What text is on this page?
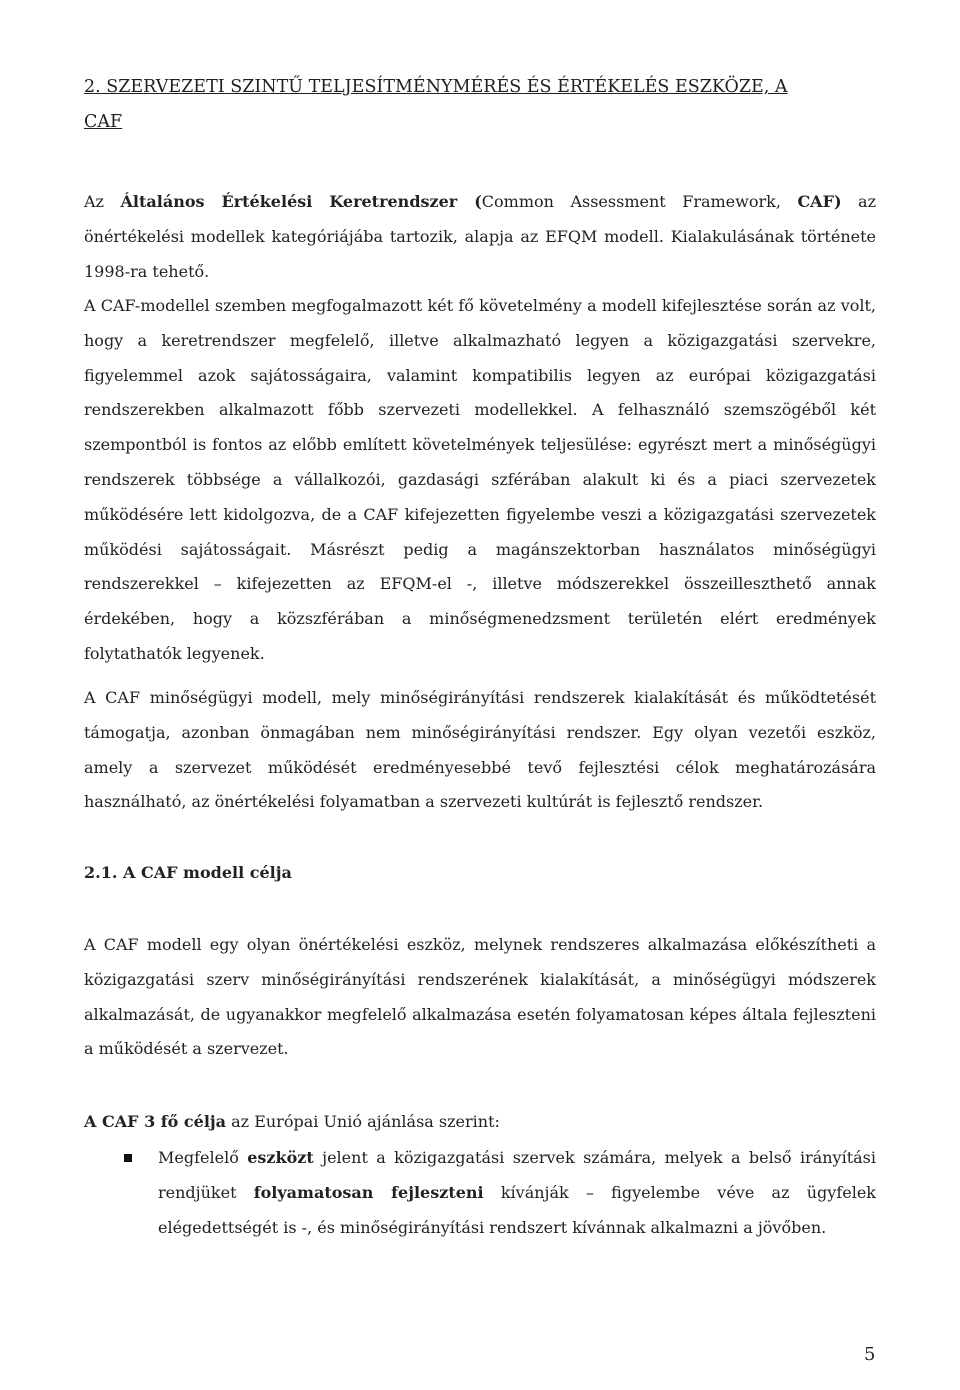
2. SZERVEZETI SZINTŰ TELJESÍTMÉNYMÉRÉS ÉS ÉRTÉKELÉS ESZKÖZE, A
CAF

Az Általános Értékelési Keretrendszer (Common Assessment Framework, CAF) az önértékelési modellek kategóriájába tartozik, alapja az EFQM modell. Kialakulásának története 1998-ra tehető.

A CAF-modellel szemben megfogalmazott két fő követelmény a modell kifejlesztése során az volt, hogy a keretrendszer megfelelő, illetve alkalmazható legyen a közigazgatási szervekre, figyelemmel azok sajátosságaira, valamint kompatibilis legyen az európai közigazgatási rendszerekben alkalmazott főbb szervezeti modellekkel. A felhasználó szemszögéből két szempontból is fontos az előbb említett követelmények teljesülése: egyrészt mert a minőségügyi rendszerek többsége a vállalkozói, gazdasági szférában alakult ki és a piaci szervezetek működésére lett kidolgozva, de a CAF kifejezetten figyelembe veszi a közigazgatási szervezetek működési sajátosságait. Másrészt pedig a magánszektorban használatos minőségügyi rendszerekkel – kifejezetten az EFQM-el -, illetve módszerekkel összeilleszthető annak érdekében, hogy a közszférában a minőségmenedzsment területén elért eredmények folytathatók legyenek.

A CAF minőségügyi modell, mely minőségirányítási rendszerek kialakítását és működtetését támogatja, azonban önmagában nem minőségirányítási rendszer. Egy olyan vezetői eszköz, amely a szervezet működését eredményesebbé tevő fejlesztési célok meghatározására használható, az önértékelési folyamatban a szervezeti kultúrát is fejlesztő rendszer.

2.1. A CAF modell célja

A CAF modell egy olyan önértékelési eszköz, melynek rendszeres alkalmazása előkészítheti a közigazgatási szerv minőségirányítási rendszerének kialakítását, a minőségügyi módszerek alkalmazását, de ugyanakkor megfelelő alkalmazása esetén folyamatosan képes általa fejleszteni a működését a szervezet.

A CAF 3 fő célja az Európai Unió ajánlása szerint:

Megfelelő eszközt jelent a közigazgatási szervek számára, melyek a belső irányítási rendjüket folyamatosan fejleszteni kívánják – figyelembe véve az ügyfelek elégedettségét is -, és minőségirányítási rendszert kívánnak alkalmazni a jövőben.
5
